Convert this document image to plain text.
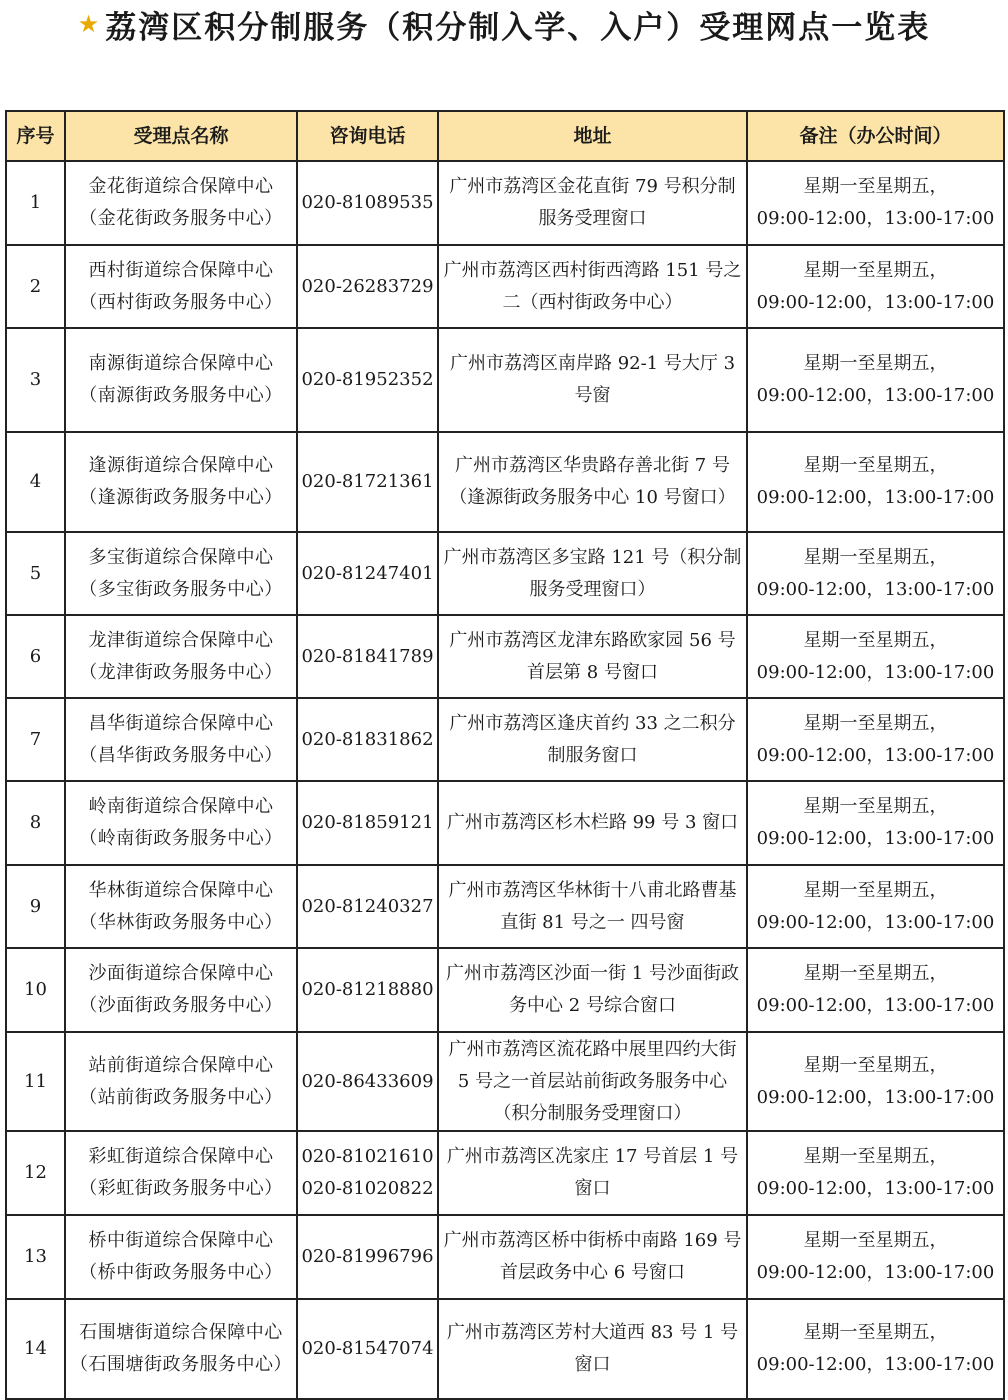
★ 荔湾区积分制服务（积分制入学、入户）受理网点一览表
序号	受理点名称	咨询电话	地址	备注（办公时间）
1	金花街道综合保障中心
（金花街政务服务中心）	020-81089535	广州市荔湾区金花直街 79 号积分制服务受理窗口	星期一至星期五，
09:00-12:00，13:00-17:00

2	西村街道综合保障中心
（西村街政务服务中心）	020-26283729	广州市荔湾区西村街西湾路 151 号之二（西村街政务中心）	星期一至星期五，
09:00-12:00，13:00-17:00

3	南源街道综合保障中心
（南源街政务服务中心）	020-81952352	广州市荔湾区南岸路 92-1 号大厅 3 号窗	星期一至星期五，
09:00-12:00，13:00-17:00

4	逢源街道综合保障中心
（逢源街政务服务中心）	020-81721361	广州市荔湾区华贵路存善北街 7 号（逢源街政务服务中心 10 号窗口）	星期一至星期五，
09:00-12:00，13:00-17:00

5	多宝街道综合保障中心
（多宝街政务服务中心）	020-81247401	广州市荔湾区多宝路 121 号（积分制服务受理窗口）	星期一至星期五，
09:00-12:00，13:00-17:00

6	龙津街道综合保障中心
（龙津街政务服务中心）	020-81841789	广州市荔湾区龙津东路欧家园 56 号首层第 8 号窗口	星期一至星期五，
09:00-12:00，13:00-17:00

7	昌华街道综合保障中心
（昌华街政务服务中心）	020-81831862	广州市荔湾区逢庆首约 33 之二积分制服务窗口	星期一至星期五，
09:00-12:00，13:00-17:00

8	岭南街道综合保障中心
（岭南街政务服务中心）	020-81859121	广州市荔湾区杉木栏路 99 号 3 窗口	星期一至星期五，
09:00-12:00，13:00-17:00

9	华林街道综合保障中心
（华林街政务服务中心）	020-81240327	广州市荔湾区华林街十八甫北路曹基直街 81 号之一 四号窗	星期一至星期五，
09:00-12:00，13:00-17:00

10	沙面街道综合保障中心
（沙面街政务服务中心）	020-81218880	广州市荔湾区沙面一街 1 号沙面街政务中心 2 号综合窗口	星期一至星期五，
09:00-12:00，13:00-17:00

11	站前街道综合保障中心
（站前街政务服务中心）	020-86433609	广州市荔湾区流花路中展里四约大街 5 号之一首层站前街政务服务中心（积分制服务受理窗口）	星期一至星期五，
09:00-12:00，13:00-17:00

12	彩虹街道综合保障中心
（彩虹街政务服务中心）	020-81021610
020-81020822	广州市荔湾区冼家庄 17 号首层 1 号窗口	星期一至星期五，
09:00-12:00，13:00-17:00

13	桥中街道综合保障中心
（桥中街政务服务中心）	020-81996796	广州市荔湾区桥中街桥中南路 169 号首层政务中心 6 号窗口	星期一至星期五，
09:00-12:00，13:00-17:00

14	石围塘街道综合保障中心
（石围塘街政务服务中心）	020-81547074	广州市荔湾区芳村大道西 83 号 1 号窗口	星期一至星期五，
09:00-12:00，13:00-17:00
